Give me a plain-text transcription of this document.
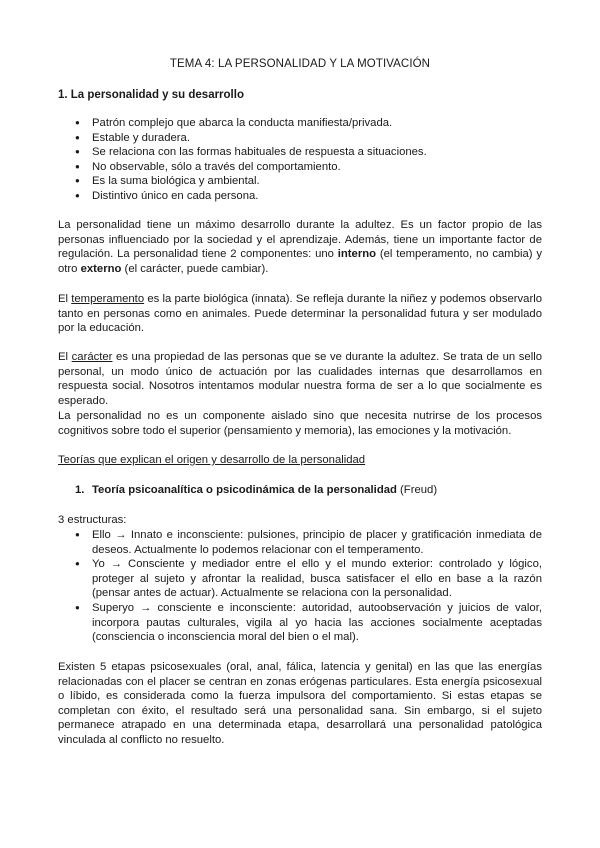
TEMA 4: LA PERSONALIDAD Y LA MOTIVACIÓN
1. La personalidad y su desarrollo
● Patrón complejo que abarca la conducta manifiesta/privada.
● Estable y duradera.
● Se relaciona con las formas habituales de respuesta a situaciones.
● No observable, sólo a través del comportamiento.
● Es la suma biológica y ambiental.
● Distintivo único en cada persona.

La personalidad tiene un máximo desarrollo durante la adultez. Es un factor propio de las personas influenciado por la sociedad y el aprendizaje. Además, tiene un importante factor de regulación. La personalidad tiene 2 componentes: uno interno (el temperamento, no cambia) y otro externo (el carácter, puede cambiar).

El temperamento es la parte biológica (innata). Se refleja durante la niñez y podemos observarlo tanto en personas como en animales. Puede determinar la personalidad futura y ser modulado por la educación.

El carácter es una propiedad de las personas que se ve durante la adultez. Se trata de un sello personal, un modo único de actuación por las cualidades internas que desarrollamos en respuesta social. Nosotros intentamos modular nuestra forma de ser a lo que socialmente es esperado.

La personalidad no es un componente aislado sino que necesita nutrirse de los procesos cognitivos sobre todo el superior (pensamiento y memoria), las emociones y la motivación.

Teorías que explican el origen y desarrollo de la personalidad
1. Teoría psicoanalítica o psicodinámica de la personalidad (Freud)
3 estructuras:
● Ello → Innato e inconsciente: pulsiones, principio de placer y gratificación inmediata de deseos. Actualmente lo podemos relacionar con el temperamento.
● Yo → Consciente y mediador entre el ello y el mundo exterior: controlado y lógico, proteger al sujeto y afrontar la realidad, busca satisfacer el ello en base a la razón (pensar antes de actuar). Actualmente se relaciona con la personalidad.
● Superyo → consciente e inconsciente: autoridad, autoobservación y juicios de valor, incorpora pautas culturales, vigila al yo hacia las acciones socialmente aceptadas (consciencia o inconsciencia moral del bien o el mal).

Existen 5 etapas psicosexuales (oral, anal, fálica, latencia y genital) en las que las energías relacionadas con el placer se centran en zonas erógenas particulares. Esta energía psicosexual o líbido, es considerada como la fuerza impulsora del comportamiento. Si estas etapas se completan con éxito, el resultado será una personalidad sana. Sin embargo, si el sujeto permanece atrapado en una determinada etapa, desarrollará una personalidad patológica vinculada al conflicto no resuelto.
